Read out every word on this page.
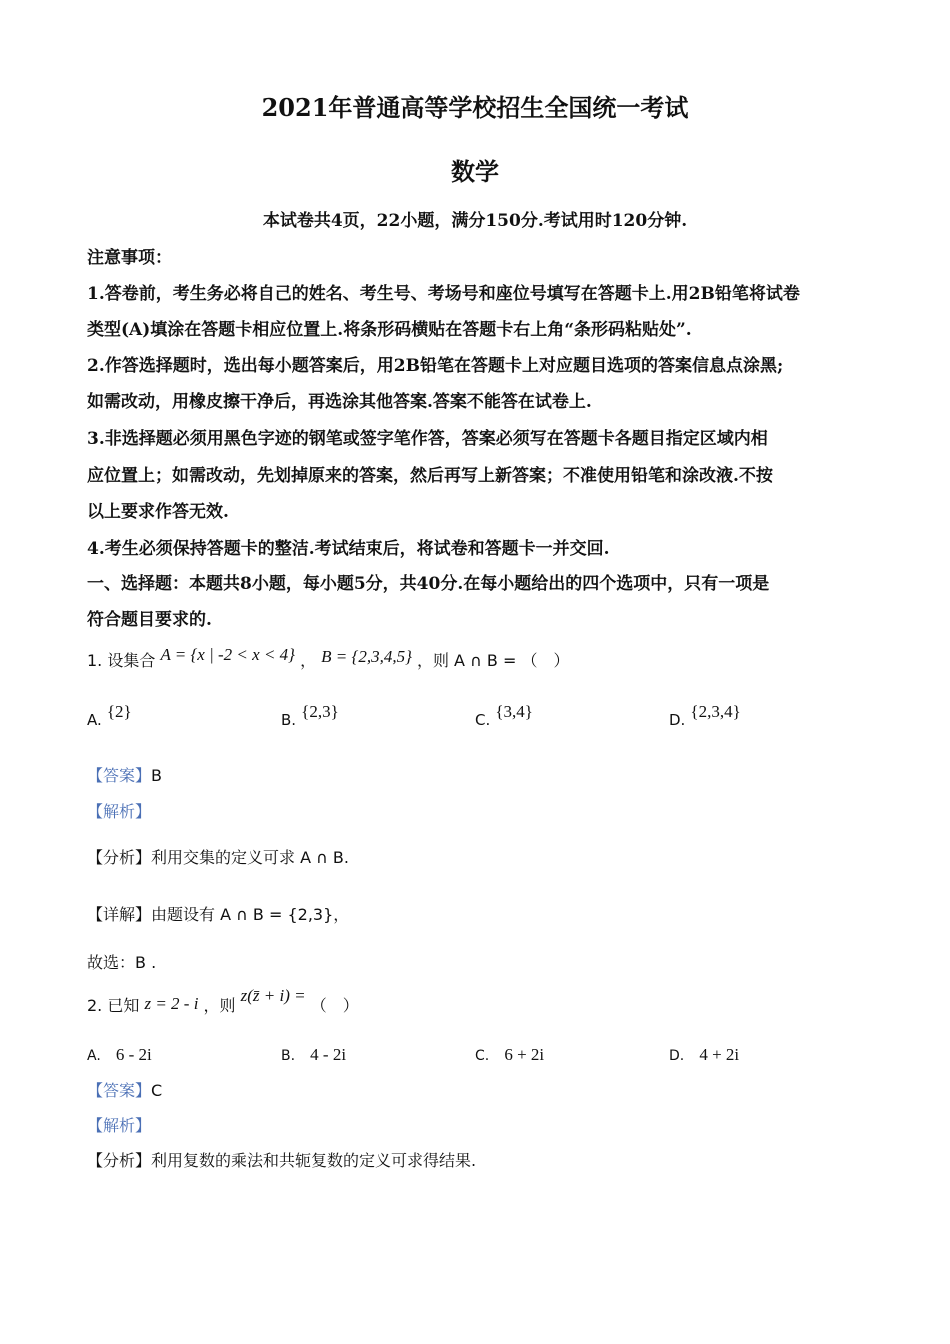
2021年普通高等学校招生全国统一考试
数学
本试卷共4页，22小题，满分150分.考试用时120分钟.
注意事项：
1.答卷前，考生务必将自己的姓名、考生号、考场号和座位号填写在答题卡上.用2B铅笔将试卷
类型(A)填涂在答题卡相应位置上.将条形码横贴在答题卡右上角“条形码粘贴处”.
2.作答选择题时，选出每小题答案后，用2B铅笔在答题卡上对应题目选项的答案信息点涂黑;
如需改动，用橡皮擦干净后，再选涂其他答案.答案不能答在试卷上.
3.非选择题必须用黑色字迹的钢笔或签字笔作答，答案必须写在答题卡各题目指定区域内相
应位置上；如需改动，先划掉原来的答案，然后再写上新答案；不准使用铅笔和涂改液.不按
以上要求作答无效.
4.考生必须保持答题卡的整洁.考试结束后，将试卷和答题卡一并交回.
一、选择题：本题共8小题，每小题5分，共40分.在每小题给出的四个选项中，只有一项是
符合题目要求的.
1. 设集合 A = {x | -2 < x < 4} ， B = {2,3,4,5} ，则 A ∩ B = （　）
A. {2}	B. {2,3}	C. {3,4}	D. {2,3,4}
【答案】B
【解析】
【分析】利用交集的定义可求 A ∩ B.
【详解】由题设有 A ∩ B = {2,3}，
故选：B .
2. 已知 z = 2 - i ，则 z(z̄ + i) = （　）
A. 6 - 2i	B. 4 - 2i	C. 6 + 2i	D. 4 + 2i
【答案】C
【解析】
【分析】利用复数的乘法和共轭复数的定义可求得结果.
